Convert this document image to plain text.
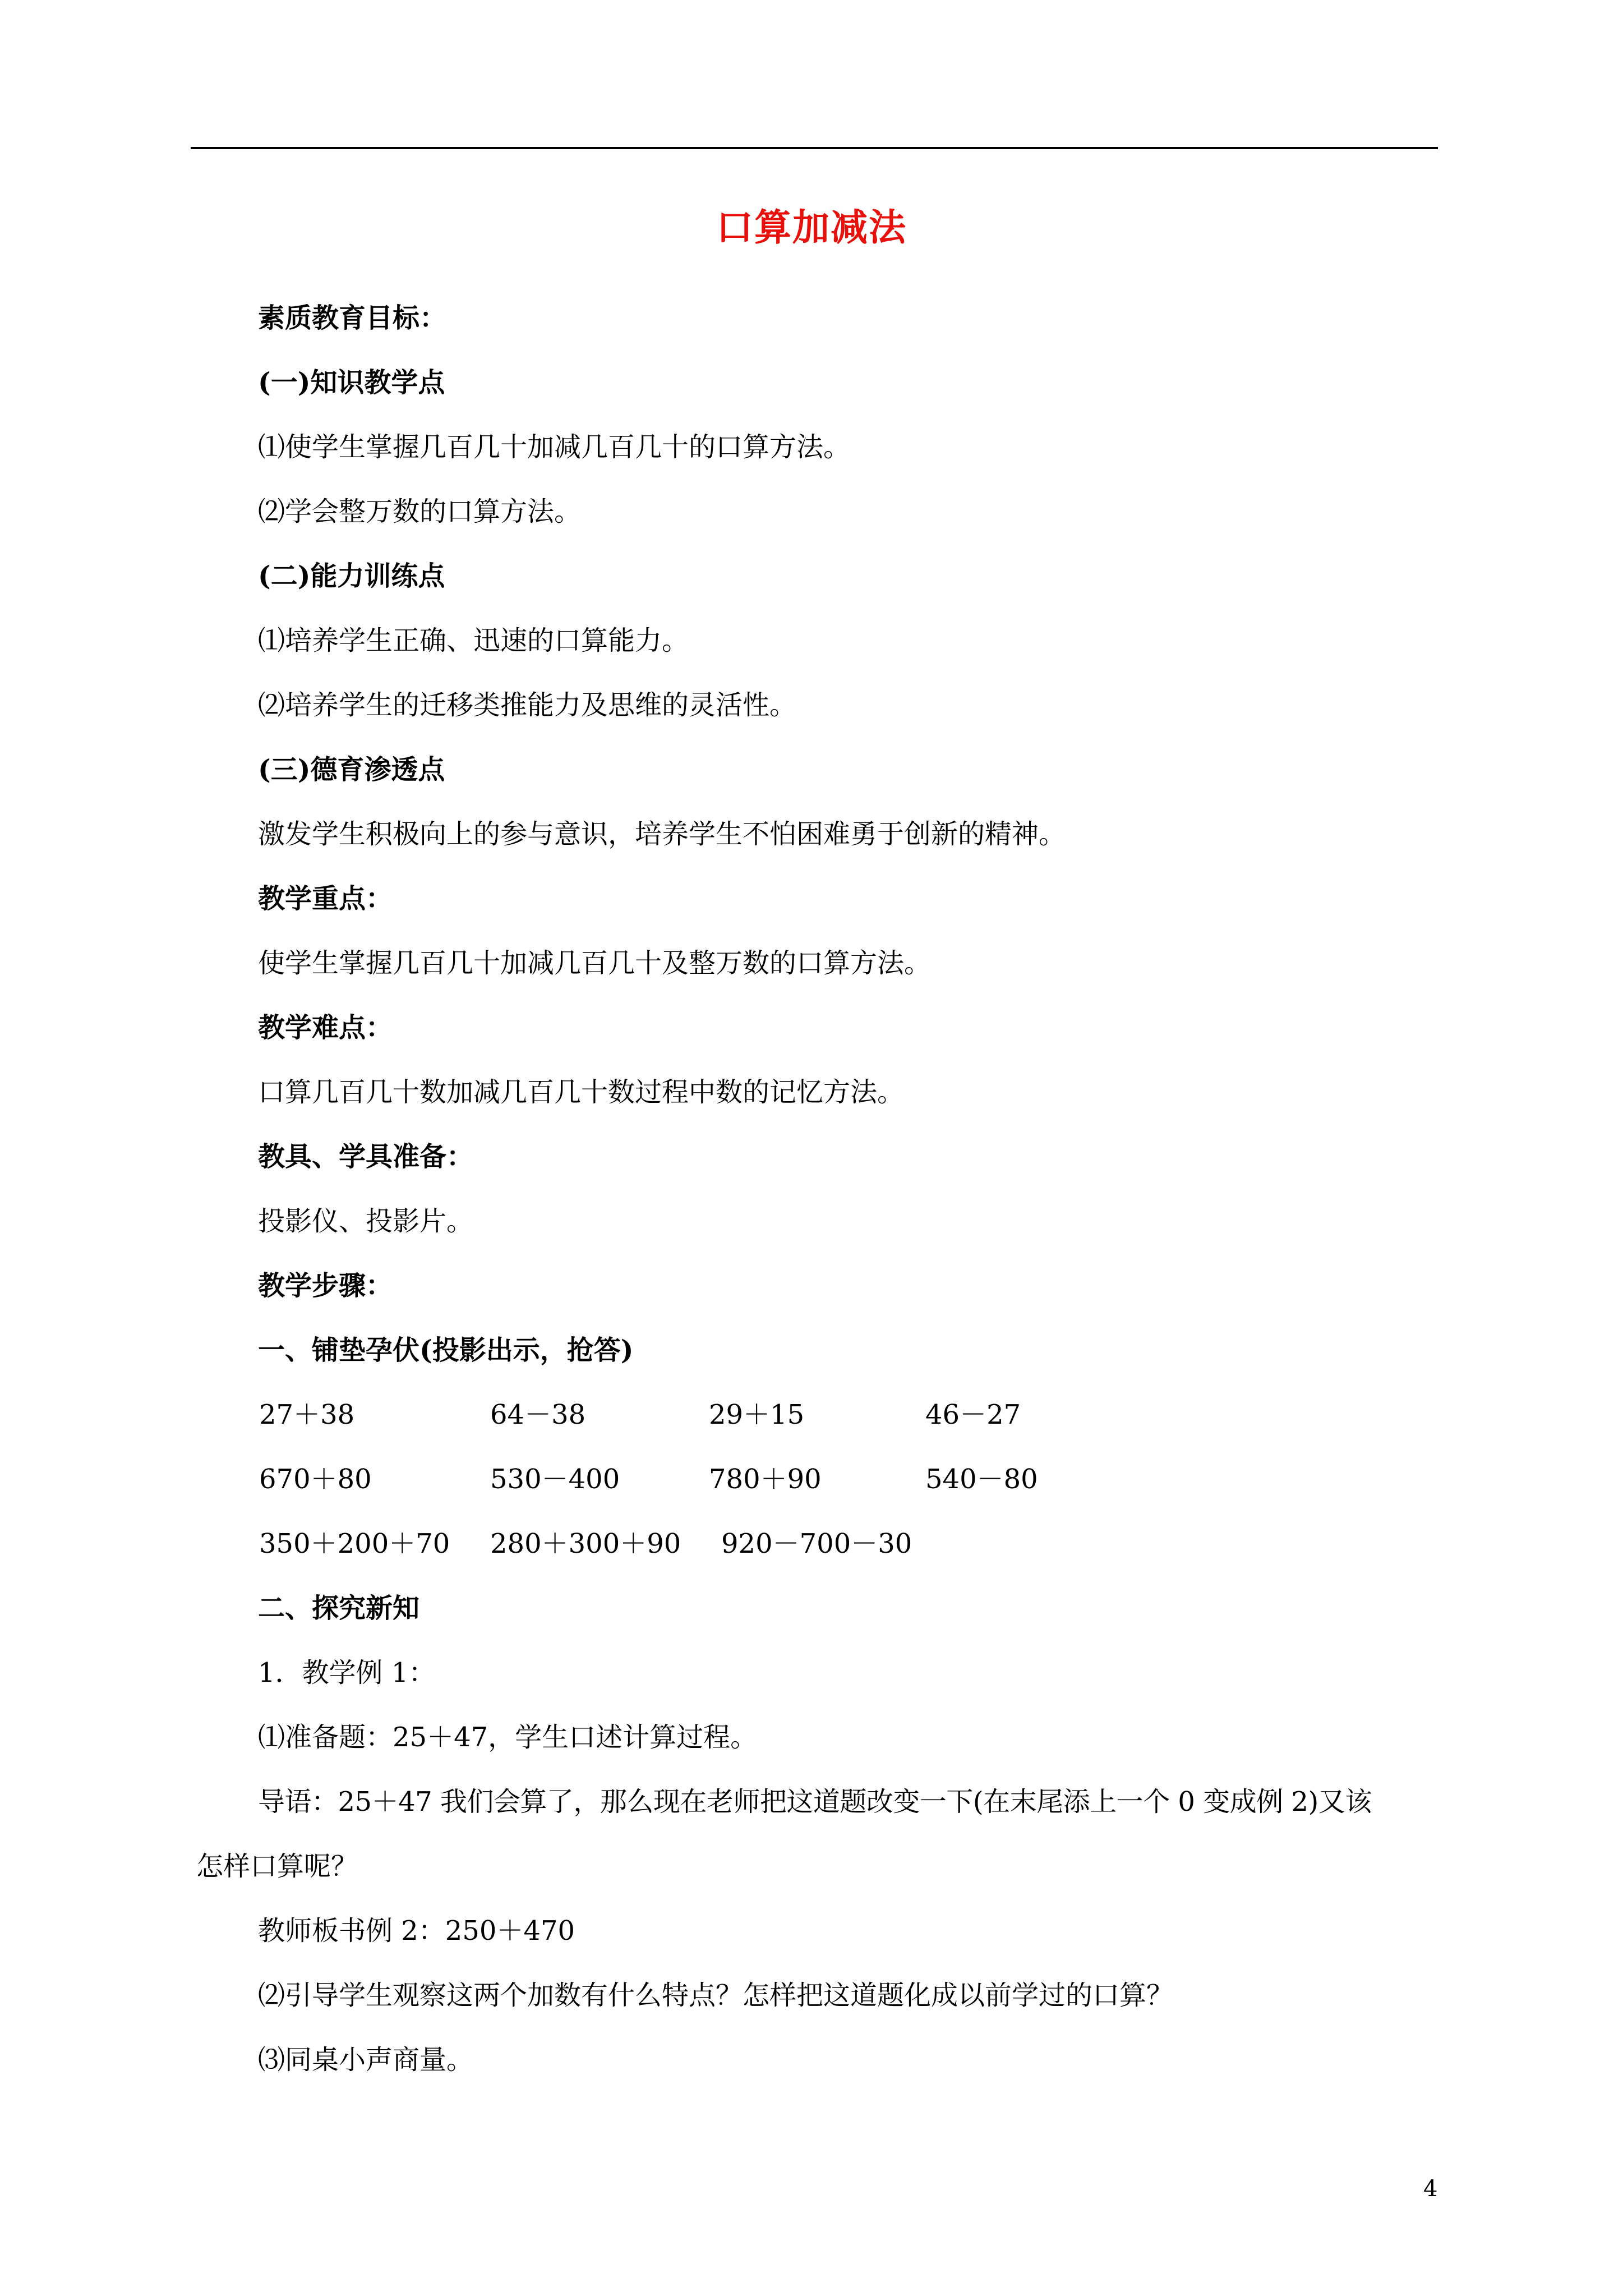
口算加减法
素质教育目标：
(一)知识教学点
⑴使学生掌握几百几十加减几百几十的口算方法。
⑵学会整万数的口算方法。
(二)能力训练点
⑴培养学生正确、迅速的口算能力。
⑵培养学生的迁移类推能力及思维的灵活性。
(三)德育渗透点
激发学生积极向上的参与意识，培养学生不怕困难勇于创新的精神。
教学重点：
使学生掌握几百几十加减几百几十及整万数的口算方法。
教学难点：
口算几百几十数加减几百几十数过程中数的记忆方法。
教具、学具准备：
投影仪、投影片。
教学步骤：
一、铺垫孕伏(投影出示，抢答)
27＋38	64－38	29＋15	46－27
670＋80	530－400	780＋90	540－80
350＋200＋70 280＋300＋90 920－700－30
二、探究新知
1．教学例 1：
⑴准备题：25＋47，学生口述计算过程。
导语：25＋47 我们会算了，那么现在老师把这道题改变一下(在末尾添上一个 0 变成例 2)又该
怎样口算呢？
教师板书例 2：250＋470
⑵引导学生观察这两个加数有什么特点？怎样把这道题化成以前学过的口算？
⑶同桌小声商量。
4
